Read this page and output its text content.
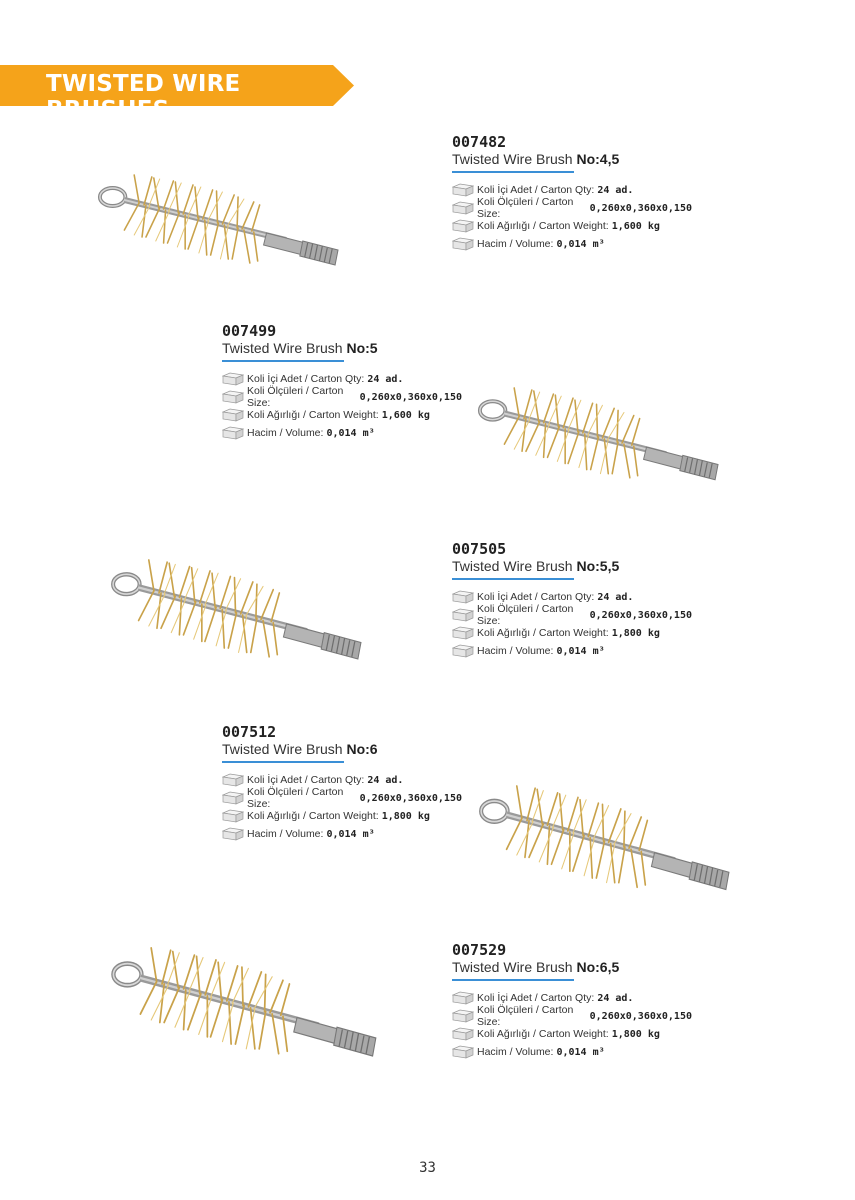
TWISTED WIRE BRUSHES
007482
Twisted Wire Brush No:4,5
Koli İçi Adet / Carton Qty: 24 ad.
Koli Ölçüleri / Carton Size:	0,260x0,360x0,150
Koli Ağırlığı / Carton Weight: 1,600 kg
Hacim / Volume: 0,014 m³
007499
Twisted Wire Brush No:5
Koli İçi Adet / Carton Qty: 24 ad.
Koli Ölçüleri / Carton Size:	0,260x0,360x0,150
Koli Ağırlığı / Carton Weight: 1,600 kg
Hacim / Volume: 0,014 m³
007505
Twisted Wire Brush No:5,5
Koli İçi Adet / Carton Qty: 24 ad.
Koli Ölçüleri / Carton Size:	0,260x0,360x0,150
Koli Ağırlığı / Carton Weight: 1,800 kg
Hacim / Volume: 0,014 m³
007512
Twisted Wire Brush No:6
Koli İçi Adet / Carton Qty: 24 ad.
Koli Ölçüleri / Carton Size:	0,260x0,360x0,150
Koli Ağırlığı / Carton Weight: 1,800 kg
Hacim / Volume: 0,014 m³
007529
Twisted Wire Brush No:6,5
Koli İçi Adet / Carton Qty: 24 ad.
Koli Ölçüleri / Carton Size:	0,260x0,360x0,150
Koli Ağırlığı / Carton Weight: 1,800 kg
Hacim / Volume: 0,014 m³
33
